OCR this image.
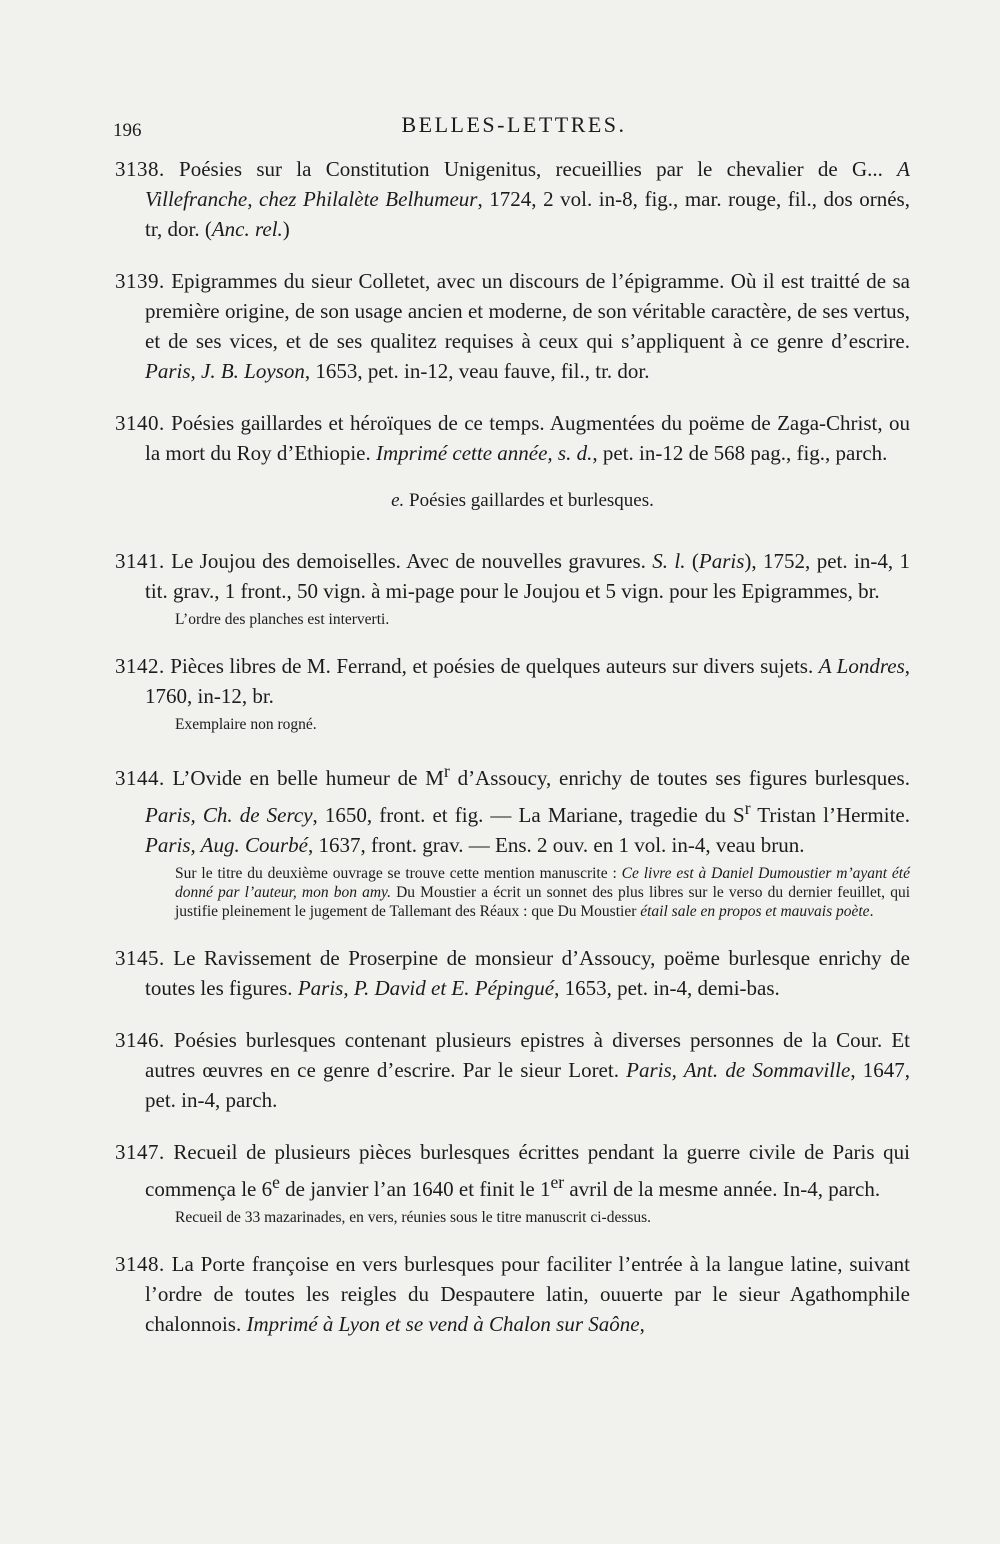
196	BELLES-LETTRES.

3138. Poésies sur la Constitution Unigenitus, recueillies par le chevalier de G... A Villefranche, chez Philalète Belhumeur, 1724, 2 vol. in-8, fig., mar. rouge, fil., dos ornés, tr, dor. (Anc. rel.)

3139. Epigrammes du sieur Colletet, avec un discours de l’épigramme. Où il est traitté de sa première origine, de son usage ancien et moderne, de son véritable caractère, de ses vertus, et de ses vices, et de ses qualitez requises à ceux qui s’appliquent à ce genre d’escrire. Paris, J. B. Loyson, 1653, pet. in-12, veau fauve, fil., tr. dor.

3140. Poésies gaillardes et héroïques de ce temps. Augmentées du poëme de Zaga-Christ, ou la mort du Roy d’Ethiopie. Imprimé cette année, s. d., pet. in-12 de 568 pag., fig., parch.

e. Poésies gaillardes et burlesques.

3141. Le Joujou des demoiselles. Avec de nouvelles gravures. S. l. (Paris), 1752, pet. in-4, 1 tit. grav., 1 front., 50 vign. à mi-page pour le Joujou et 5 vign. pour les Epigrammes, br.

L’ordre des planches est interverti.

3142. Pièces libres de M. Ferrand, et poésies de quelques auteurs sur divers sujets. A Londres, 1760, in-12, br.

Exemplaire non rogné.

3144. L’Ovide en belle humeur de $M^r$ d’Assoucy, enrichy de toutes ses figures burlesques. Paris, Ch. de Sercy, 1650, front. et fig. — La Mariane, tragedie du $S^r$ Tristan l’Hermite. Paris, Aug. Courbé, 1637, front. grav. — Ens. 2 ouv. en 1 vol. in-4, veau brun.

Sur le titre du deuxième ouvrage se trouve cette mention manuscrite : Ce livre est à Daniel Dumoustier m’ayant été donné par l’auteur, mon bon amy. Du Moustier a écrit un sonnet des plus libres sur le verso du dernier feuillet, qui justifie pleinement le jugement de Tallemant des Réaux : que Du Moustier étail sale en propos et mauvais poète.

3145. Le Ravissement de Proserpine de monsieur d’Assoucy, poëme burlesque enrichy de toutes les figures. Paris, P. David et E. Pépingué, 1653, pet. in-4, demi-bas.

3146. Poésies burlesques contenant plusieurs epistres à diverses personnes de la Cour. Et autres œuvres en ce genre d’escrire. Par le sieur Loret. Paris, Ant. de Sommaville, 1647, pet. in-4, parch.

3147. Recueil de plusieurs pièces burlesques écrittes pendant la guerre civile de Paris qui commença le 6e de janvier l’an 1640 et finit le 1er avril de la mesme année. In-4, parch.

Recueil de 33 mazarinades, en vers, réunies sous le titre manuscrit ci-dessus.

3148. La Porte françoise en vers burlesques pour faciliter l’entrée à la langue latine, suivant l’ordre de toutes les reigles du Despautere latin, ouuerte par le sieur Agathomphile chalonnois. Imprimé à Lyon et se vend à Chalon sur Saône,
